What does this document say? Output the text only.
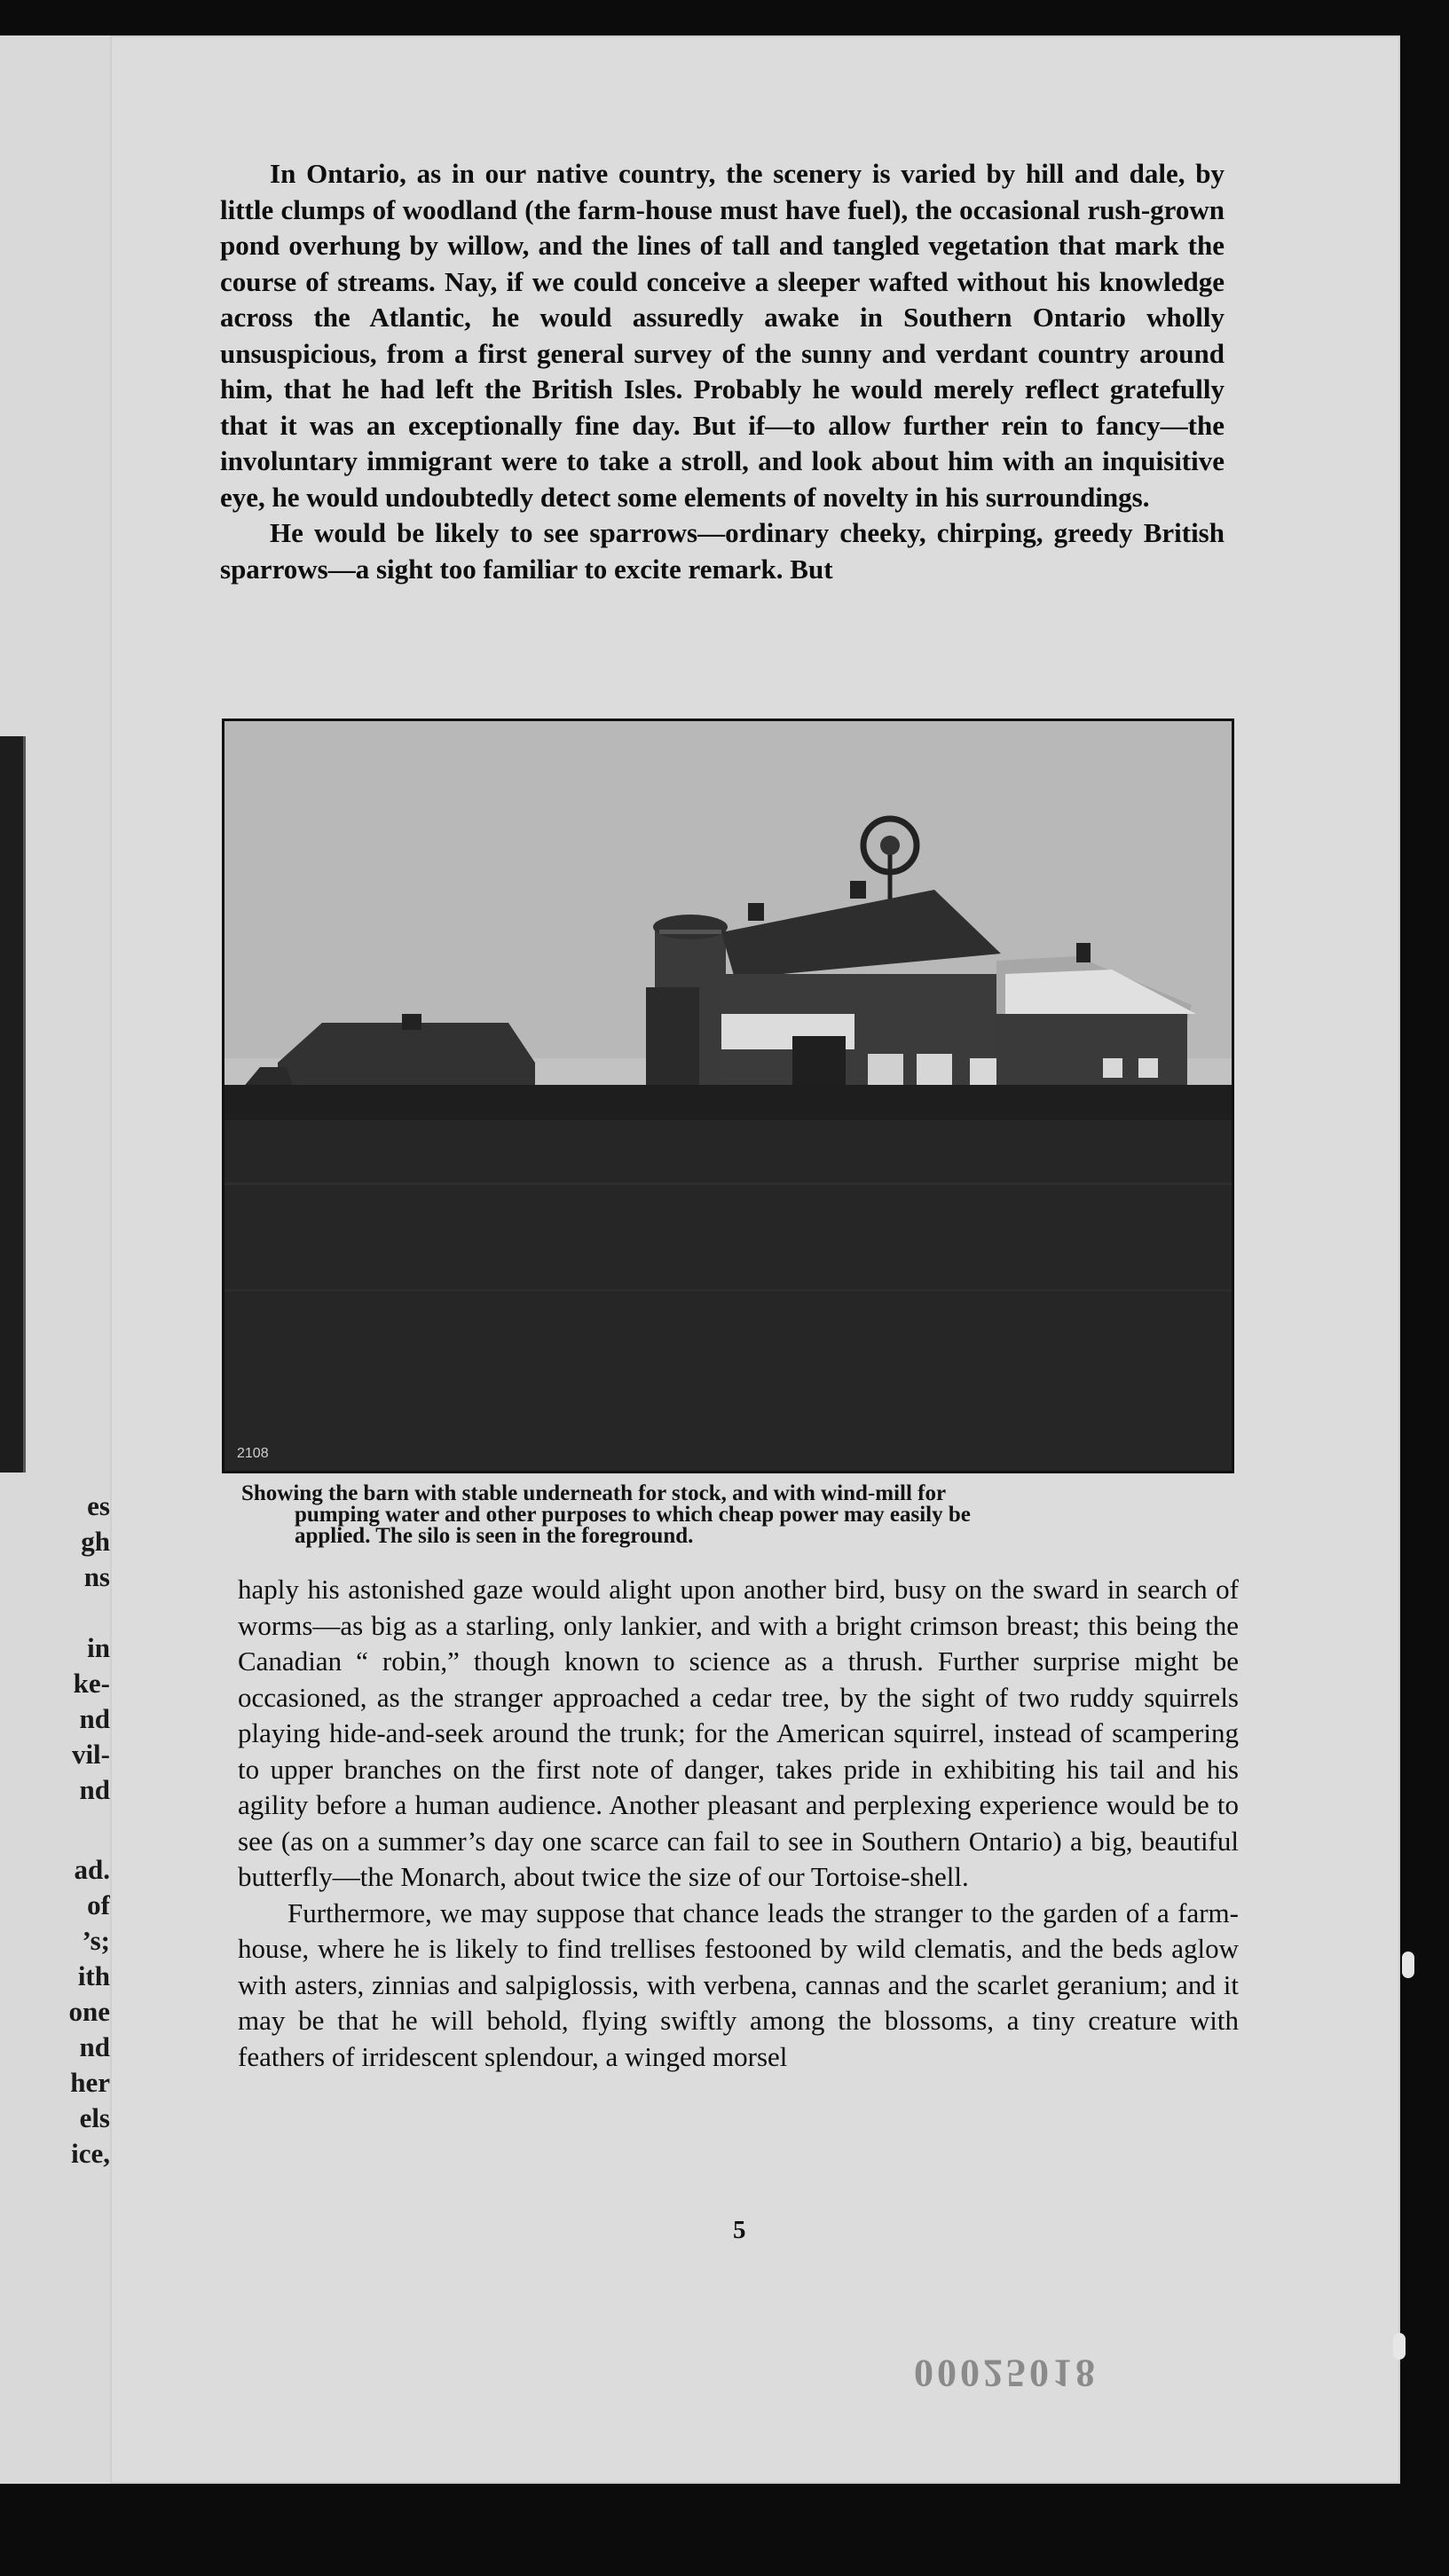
es
gh
ns
in
ke-
nd
vil-
nd
ad.
of
’s;
ith
one
nd
her
els
ice,

In Ontario, as in our native country, the scenery is varied by hill and dale, by little clumps of woodland (the farm-house must have fuel), the occasional rush-grown pond overhung by willow, and the lines of tall and tangled vegetation that mark the course of streams. Nay, if we could conceive a sleeper wafted without his knowledge across the Atlantic, he would assuredly awake in Southern Ontario wholly unsuspicious, from a first general survey of the sunny and verdant country around him, that he had left the British Isles. Probably he would merely reflect gratefully that it was an exceptionally fine day. But if—to allow further rein to fancy—the involuntary immigrant were to take a stroll, and look about him with an inquisitive eye, he would undoubtedly detect some elements of novelty in his surroundings.

He would be likely to see sparrows—ordinary cheeky, chirping, greedy British sparrows—a sight too familiar to excite remark. But

2108
Showing the barn with stable underneath for stock, and with wind-mill for
pumping water and other purposes to which cheap power may easily be
applied. The silo is seen in the foreground.

haply his astonished gaze would alight upon another bird, busy on the sward in search of worms—as big as a starling, only lankier, and with a bright crimson breast; this being the Canadian “ robin,” though known to science as a thrush. Further surprise might be occasioned, as the stranger approached a cedar tree, by the sight of two ruddy squirrels playing hide-and-seek around the trunk; for the American squirrel, instead of scampering to upper branches on the first note of danger, takes pride in exhibiting his tail and his agility before a human audience. Another pleasant and perplexing experience would be to see (as on a summer’s day one scarce can fail to see in Southern Ontario) a big, beautiful butterfly—the Monarch, about twice the size of our Tortoise-shell.

Furthermore, we may suppose that chance leads the stranger to the garden of a farm-house, where he is likely to find trellises festooned by wild clematis, and the beds aglow with asters, zinnias and salpiglossis, with verbena, cannas and the scarlet geranium; and it may be that he will behold, flying swiftly among the blossoms, a tiny creature with feathers of irridescent splendour, a winged morsel

5
00025018
